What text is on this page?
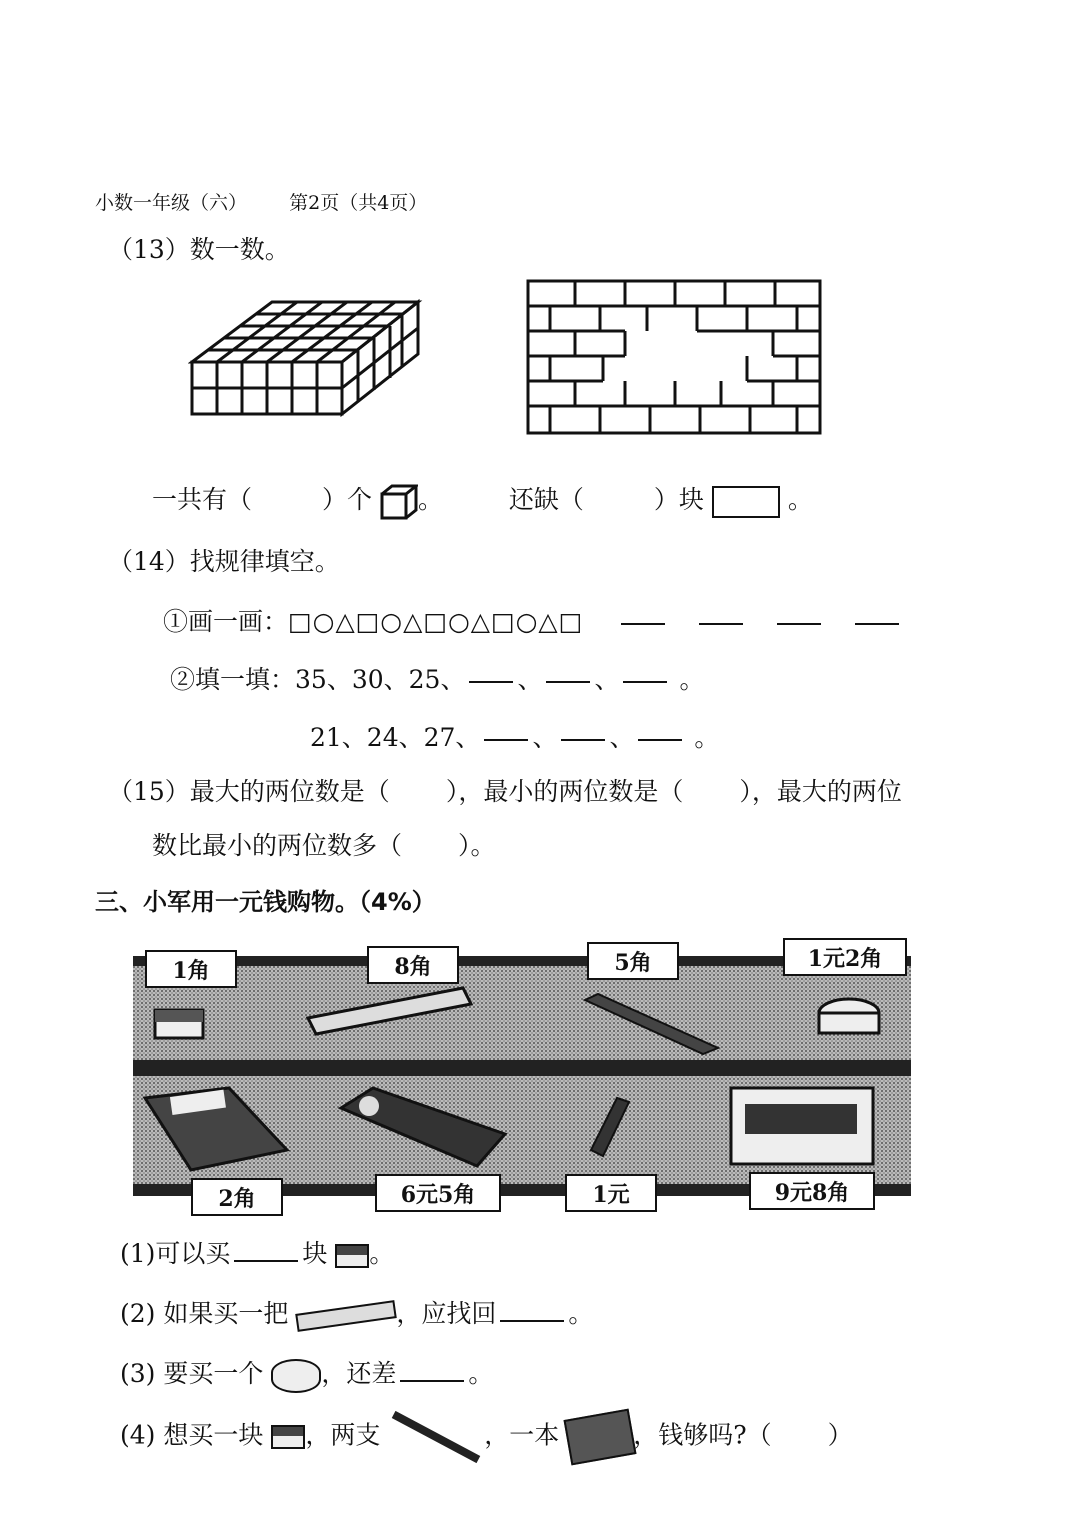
小数一年级（六） 第2页（共4页）
（13）数一数。
一共有（	）个 。	还缺（	）块	。
（14）找规律填空。
①画一画：□○△□○△□○△□○△□
②填一填：35、30、25、 、 、 。
21、24、27、 、 、 。
（15）最大的两位数是（ ），最小的两位数是（ ），最大的两位
数比最小的两位数多（ ）。
三、小军用一元钱购物。（4%）
1角	8角	5角	1元2角
2角	6元5角	1元	9元8角
(1)可以买	块 。
(2) 如果买一把	，应找回	。
(3) 要买一个 ，还差	。
(4) 想买一块 ，两支	，一本	，钱够吗?（ ）
